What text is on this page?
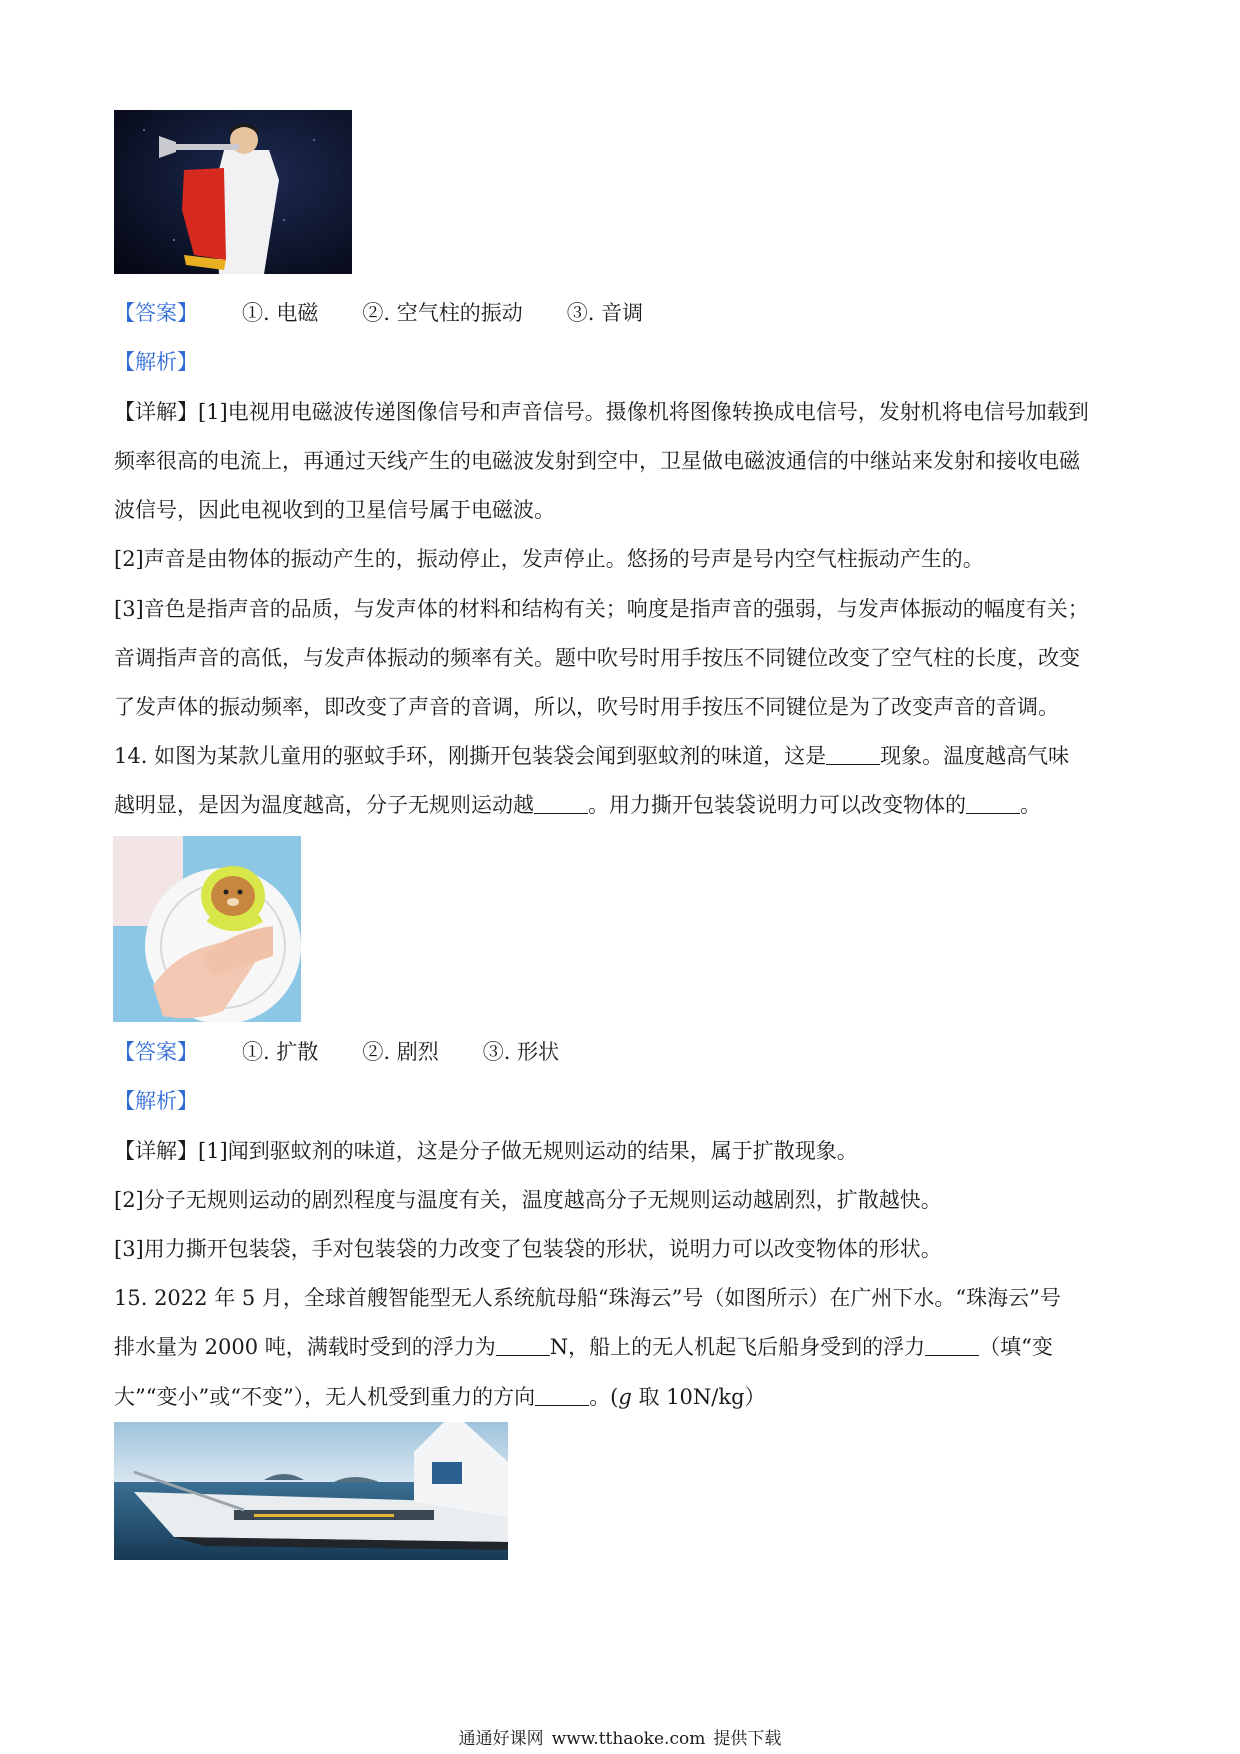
【答案】 ①. 电磁 ②. 空气柱的振动 ③. 音调
【解析】
【详解】[1]电视用电磁波传递图像信号和声音信号。摄像机将图像转换成电信号，发射机将电信号加载到
频率很高的电流上，再通过天线产生的电磁波发射到空中，卫星做电磁波通信的中继站来发射和接收电磁
波信号，因此电视收到的卫星信号属于电磁波。
[2]声音是由物体的振动产生的，振动停止，发声停止。悠扬的号声是号内空气柱振动产生的。
[3]音色是指声音的品质，与发声体的材料和结构有关；响度是指声音的强弱，与发声体振动的幅度有关；
音调指声音的高低，与发声体振动的频率有关。题中吹号时用手按压不同键位改变了空气柱的长度，改变
了发声体的振动频率，即改变了声音的音调，所以，吹号时用手按压不同键位是为了改变声音的音调。
14. 如图为某款儿童用的驱蚊手环，刚撕开包装袋会闻到驱蚊剂的味道，这是	现象。温度越高气味
越明显，是因为温度越高，分子无规则运动越	。用力撕开包装袋说明力可以改变物体的	。
【答案】 ①. 扩散 ②. 剧烈 ③. 形状
【解析】
【详解】[1]闻到驱蚊剂的味道，这是分子做无规则运动的结果，属于扩散现象。
[2]分子无规则运动的剧烈程度与温度有关，温度越高分子无规则运动越剧烈，扩散越快。
[3]用力撕开包装袋，手对包装袋的力改变了包装袋的形状，说明力可以改变物体的形状。
15. 2022 年 5 月，全球首艘智能型无人系统航母船“珠海云”号（如图所示）在广州下水。“珠海云”号
排水量为 2000 吨，满载时受到的浮力为	N，船上的无人机起飞后船身受到的浮力	（填“变
大”“变小”或“不变”），无人机受到重力的方向	。(g 取 10N/kg）
通通好课网 www.tthaoke.com 提供下载
